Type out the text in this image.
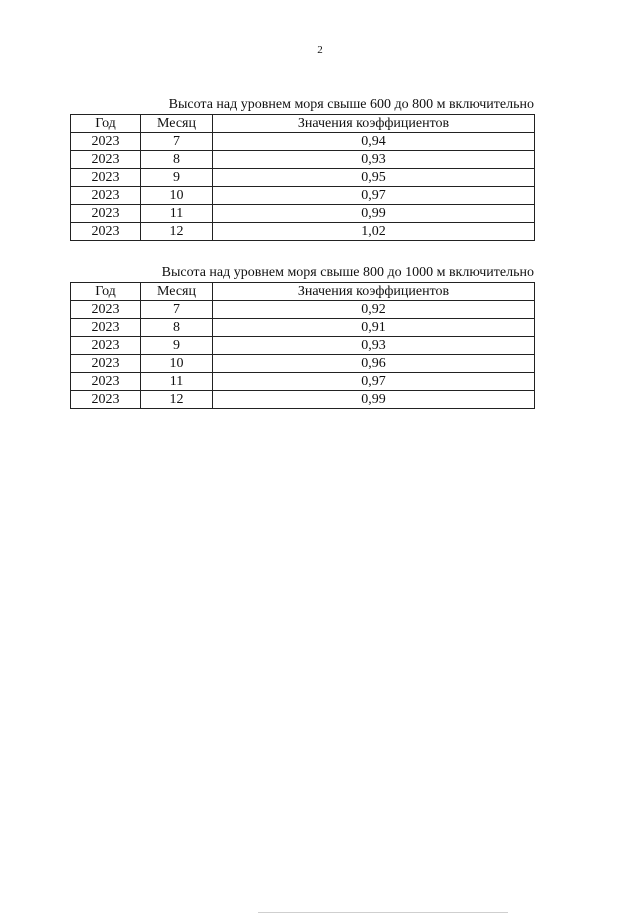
2
Высота над уровнем моря свыше 600 до 800 м включительно
Год	Месяц	Значения коэффициентов
2023	7	0,94
2023	8	0,93
2023	9	0,95
2023	10	0,97
2023	11	0,99
2023	12	1,02
Высота над уровнем моря свыше 800 до 1000 м включительно
Год	Месяц	Значения коэффициентов
2023	7	0,92
2023	8	0,91
2023	9	0,93
2023	10	0,96
2023	11	0,97
2023	12	0,99
